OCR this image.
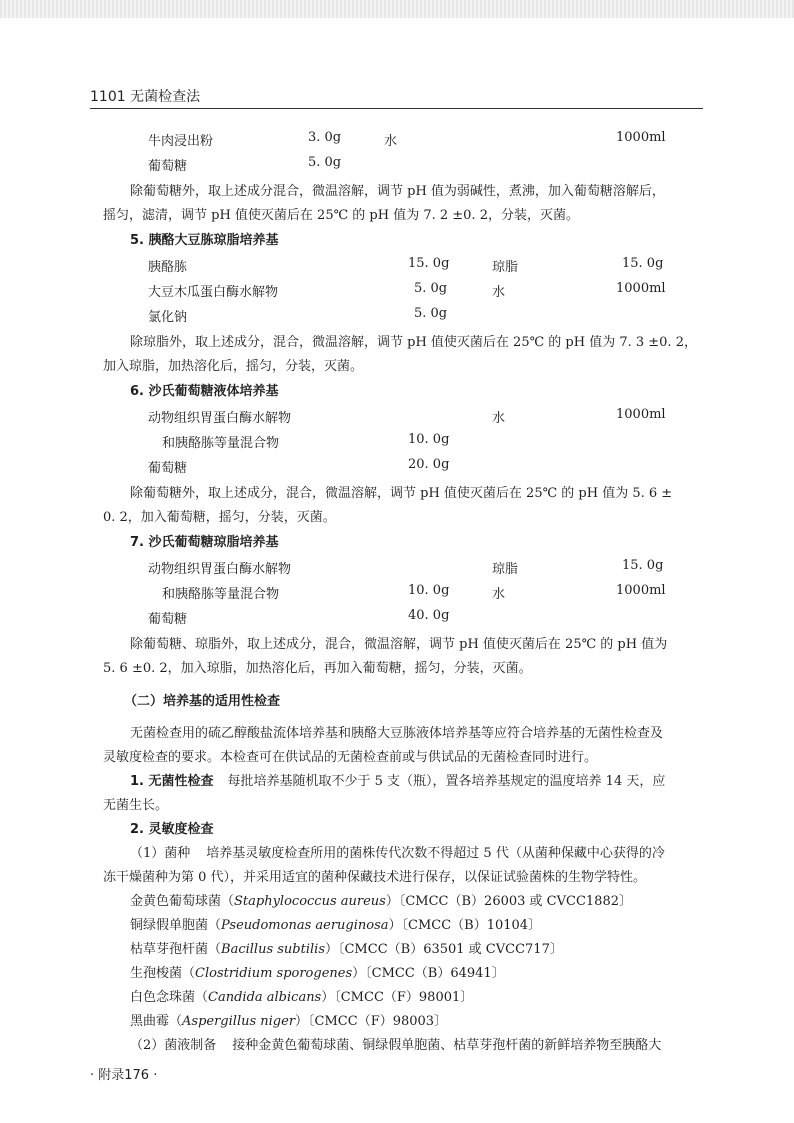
1101 无菌检查法
牛肉浸出粉	3. 0g	水	1000ml
葡萄糖	5. 0g
除葡萄糖外，取上述成分混合，微温溶解，调节 pH 值为弱碱性，煮沸，加入葡萄糖溶解后，
摇匀，滤清，调节 pH 值使灭菌后在 25℃ 的 pH 值为 7. 2 ±0. 2，分装，灭菌。
5. 胰酪大豆胨琼脂培养基
胰酪胨	15. 0g	琼脂	15. 0g
大豆木瓜蛋白酶水解物	5. 0g	水	1000ml
氯化钠	5. 0g
除琼脂外，取上述成分，混合，微温溶解，调节 pH 值使灭菌后在 25℃ 的 pH 值为 7. 3 ±0. 2，
加入琼脂，加热溶化后，摇匀，分装，灭菌。
6. 沙氏葡萄糖液体培养基
动物组织胃蛋白酶水解物	水	1000ml
和胰酪胨等量混合物	10. 0g
葡萄糖	20. 0g
除葡萄糖外，取上述成分，混合，微温溶解，调节 pH 值使灭菌后在 25℃ 的 pH 值为 5. 6 ±
0. 2，加入葡萄糖，摇匀，分装，灭菌。
7. 沙氏葡萄糖琼脂培养基
动物组织胃蛋白酶水解物	琼脂	15. 0g
和胰酪胨等量混合物	10. 0g	水	1000ml
葡萄糖	40. 0g
除葡萄糖、琼脂外，取上述成分，混合，微温溶解，调节 pH 值使灭菌后在 25℃ 的 pH 值为
5. 6 ±0. 2，加入琼脂，加热溶化后，再加入葡萄糖，摇匀，分装，灭菌。
（二）培养基的适用性检查
无菌检查用的硫乙醇酸盐流体培养基和胰酪大豆胨液体培养基等应符合培养基的无菌性检查及
灵敏度检查的要求。本检查可在供试品的无菌检查前或与供试品的无菌检查同时进行。
1. 无菌性检查 每批培养基随机取不少于 5 支（瓶），置各培养基规定的温度培养 14 天，应
无菌生长。
2. 灵敏度检查
（1）菌种 培养基灵敏度检查所用的菌株传代次数不得超过 5 代（从菌种保藏中心获得的冷
冻干燥菌种为第 0 代），并采用适宜的菌种保藏技术进行保存，以保证试验菌株的生物学特性。
金黄色葡萄球菌（Staphylococcus aureus）〔CMCC（B）26003 或 CVCC1882〕
铜绿假单胞菌（Pseudomonas aeruginosa）〔CMCC（B）10104〕
枯草芽孢杆菌（Bacillus subtilis）〔CMCC（B）63501 或 CVCC717〕
生孢梭菌（Clostridium sporogenes）〔CMCC（B）64941〕
白色念珠菌（Candida albicans）〔CMCC（F）98001〕
黑曲霉（Aspergillus niger）〔CMCC（F）98003〕
（2）菌液制备 接种金黄色葡萄球菌、铜绿假单胞菌、枯草芽孢杆菌的新鲜培养物至胰酪大
· 附录176 ·
